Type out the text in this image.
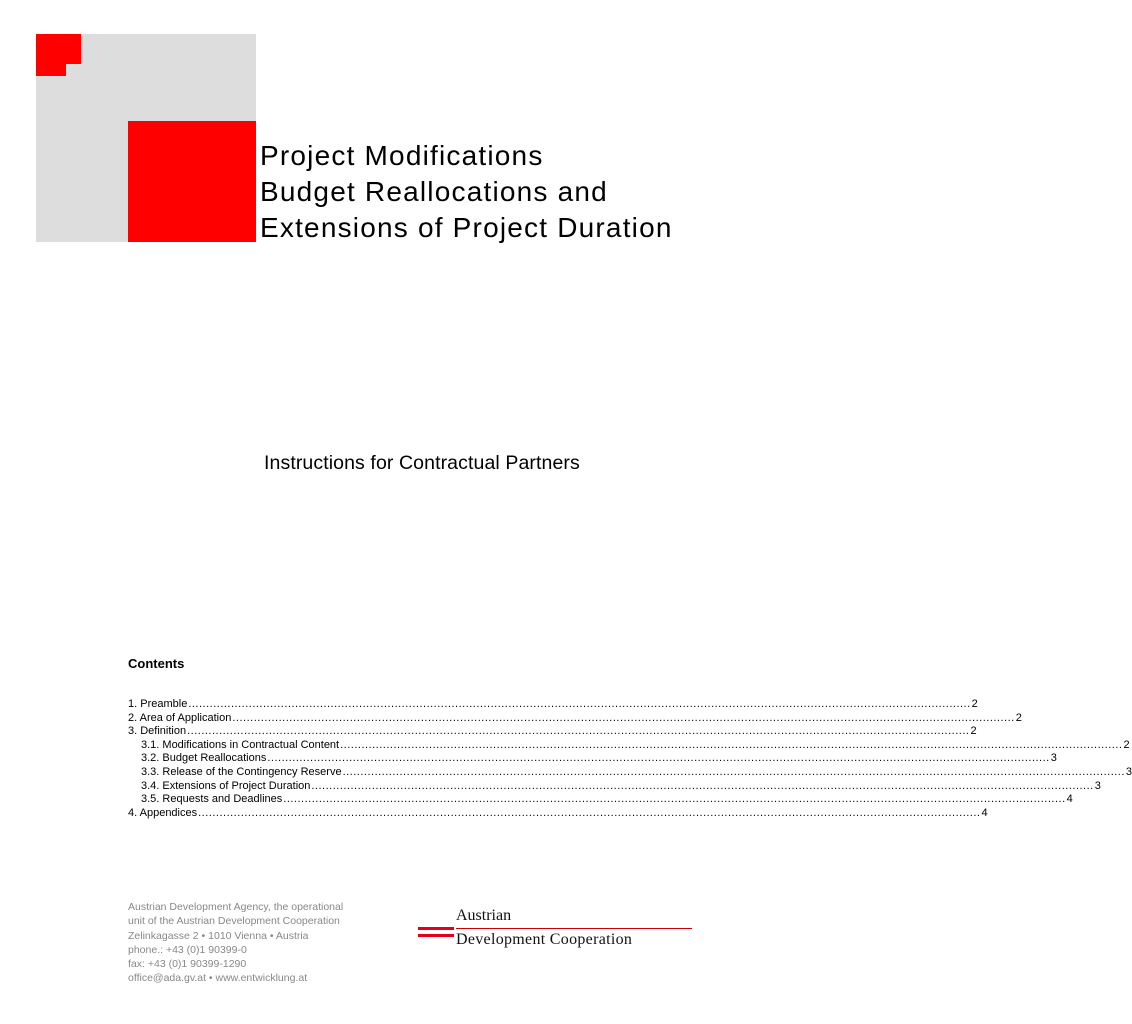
Project Modifications
Budget Reallocations and
Extensions of Project Duration
Instructions for Contractual Partners
Contents
1. Preamble ............................................................................................................................................................................................................................ 2
2. Area of Application ............................................................................................................................................................................................................................ 2
3. Definition ............................................................................................................................................................................................................................ 2
3.1. Modifications in Contractual Content ............................................................................................................................................................................................................................ 2
3.2. Budget Reallocations ............................................................................................................................................................................................................................ 3
3.3. Release of the Contingency Reserve ............................................................................................................................................................................................................................ 3
3.4. Extensions of Project Duration ............................................................................................................................................................................................................................ 3
3.5. Requests and Deadlines ............................................................................................................................................................................................................................ 4
4. Appendices ............................................................................................................................................................................................................................ 4
Austrian Development Agency, the operational
unit of the Austrian Development Cooperation
Zelinkagasse 2 • 1010 Vienna • Austria
phone.: +43 (0)1 90399-0
fax: +43 (0)1 90399-1290
office@ada.gv.at • www.entwicklung.at
Austrian
Development Cooperation
